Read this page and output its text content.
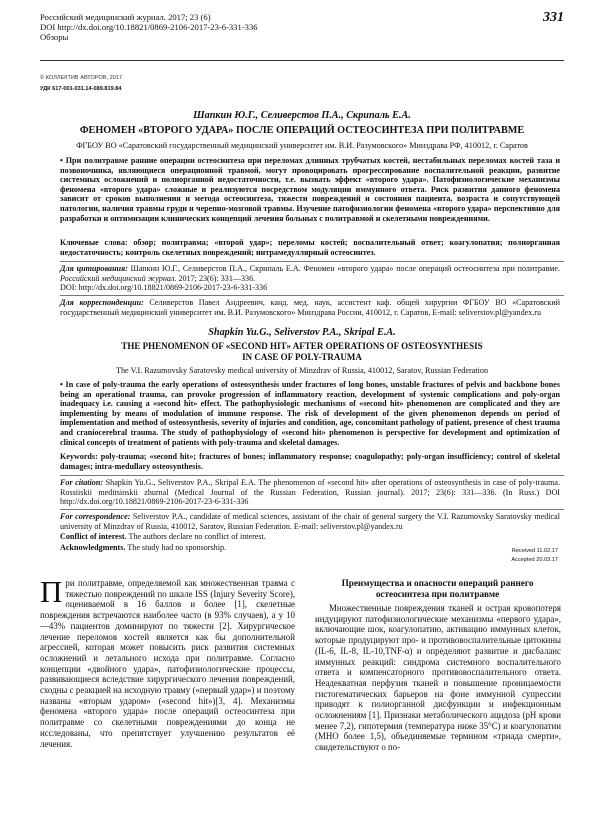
Российский медицинский журнал. 2017; 23 (6)
DOI http://dx.doi.org/10.18821/0869-2106-2017-23-6-331-336
Обзоры
331
© КОЛЛЕКТИВ АВТОРОВ, 2017
УДК 617-001-031.14-089.819.84
Шапкин Ю.Г., Селиверстов П.А., Скрипаль Е.А.
ФЕНОМЕН «ВТОРОГО УДАРА» ПОСЛЕ ОПЕРАЦИЙ ОСТЕОСИНТЕЗА ПРИ ПОЛИТРАВМЕ
ФГБОУ ВО «Саратовский государственный медицинский университет им. В.И. Разумовского» Минздрава РФ, 410012, г. Саратов
• При политравме ранние операции остеосинтеза при переломах длинных трубчатых костей, нестабильных переломах костей таза и позвоночника, являющиеся операционной травмой, могут провоцировать прогрессирование воспалительной реакции, развитие системных осложнений и полиорганной недостаточности, т.е. вызвать эффект «второго удара». Патофизиологические механизмы феномена «второго удара» сложные и реализуются посредством модуляции иммунного ответа. Риск развития данного феномена зависит от сроков выполнения и метода остеосинтеза, тяжести повреждений и состояния пациента, возраста и сопутствующей патологии, наличия травмы груди и черепно-мозговой травмы. Изучение патофизиологии феномена «второго удара» перспективно для разработки и оптимизации клинических концепций лечения больных с политравмой и скелетными повреждениями.
Ключевые слова: обзор; политравма; «второй удар»; переломы костей; воспалительный ответ; коагулопатия; полиорганная недостаточность; контроль скелетных повреждений; интрамедуллярный остеосинтез.
Для цитирования: Шапкин Ю.Г., Селиверстов П.А., Скрипаль Е.А. Феномен «второго удара» после операций остеосинтеза при политравме. Российский медицинский журнал. 2017; 23(6): 331—336.
DOI: http://dx.doi.org/10.18821/0869-2106-2017-23-6-331-336
Для корреспонденции: Селиверстов Павел Андреевич, канд. мед. наук, ассистент каф. общей хирургии ФГБОУ ВО «Саратовский государственный медицинский университет им. В.И. Разумовского» Минздрава России, 410012, г. Саратов, E-mail: seliverstov.pl@yandex.ru
Shapkin Yu.G., Seliverstov P.A., Skripal E.A.
THE PHENOMENON OF «SECOND HIT» AFTER OPERATIONS OF OSTEOSYNTHESIS
IN CASE OF POLY-TRAUMA
The V.I. Razumovsky Saratovsky medical university of Minzdrav of Russia, 410012, Saratov, Russian Federation
• In case of poly-trauma the early operations of osteosynthesis under fractures of long bones, unstable fractures of pelvis and backbone bones being an operational trauma, can provoke progression of inflammatory reaction, development of systemic complications and poly-organ inadequacy i.e. causing a «second hit» effect. The pathophysiologic mechanisms of «second hit» phenomenon are complicated and they are implementing by means of modulation of immune response. The risk of development of the given phenomenon depends on period of implementation and method of osteosynthesis, severity of injuries and condition, age, concomitant pathology of patient, presence of chest trauma and craniocerebral trauma. The study of pathophysiology of «second hit» phenomenon is perspective for development and optimization of clinical concepts of treatment of patients with poly-trauma and skeletal damages.
Keywords: poly-trauma; «second hit»; fractures of bones; inflammatory response; coagulopathy; poly-organ insufficiency; control of skeletal damages; intra-medullary osteosynthesis.
For citation: Shapkin Yu.G., Seliverstov P.A., Skripal E.A. The phenomenon of «second hit» after operations of osteosynthesis in case of poly-trauma. Rossiiskii meditsinskii zhurnal (Medical Journal of the Russian Federation, Russian journal). 2017; 23(6): 331—336. (In Russ.) DOI http://dx.doi.org/10.18821/0869-2106-2017-23-6-331-336
For correspondence: Seliverstov P.A., candidate of medical sciences, assistant of the chair of general surgery the V.I. Razumovsky Saratovsky medical university of Minzdrav of Russia, 410012, Saratov, Russian Federation. E-mail: seliverstov.pl@yandex.ru
Conflict of interest. The authors declare no conflict of interest.
Acknowledgments. The study had no sponsorship.	Received 11.02.17
Accepted 20.03.17

При политравме, определяемой как множественная травма с тяжестью повреждений по шкале ISS (Injury Severity Score), оцениваемой в 16 баллов и более [1], скелетные повреждения встречаются наиболее часто (в 93% случаев), а у 10—43% пациентов доминируют по тяжести [2]. Хирургическое лечение переломов костей является как бы дополнительной агрессией, которая может повысить риск развития системных осложнений и летального исхода при политравме. Согласно концепции «двойного удара», патофизиологические процессы, развивающиеся вследствие хирургического лечения повреждений, сходны с реакцией на исходную травму («первый удар») и поэтому названы «вторым ударом» («second hit»)[3, 4]. Механизмы феномена «второго удара» после операций остеосинтеза при политравме со скелетными повреждениями до конца не исследованы, что препятствует улучшению результатов её лечения.

Преимущества и опасности операций раннего остеосинтеза при политравме

Множественные повреждения тканей и острая кровопотеря индуцируют патофизиологические механизмы «первого удара», включающие шок, коагулопатию, активацию иммунных клеток, которые продуцируют про- и противовоспалительные цитокины (IL-6, IL-8, IL-10,TNF-α) и определяют развитие и дисбаланс иммунных реакций: синдрома системного воспалительного ответа и компенсаторного противовоспалительного ответа. Неадекватная перфузия тканей и повышение проницаемости гистогематических барьеров на фоне иммунной супрессии приводят к полиорганной дисфункции и инфекционным осложнениям [1]. Признаки метаболического ацидоза (pH крови менее 7,2), гипотермия (температура ниже 35°С) и коагулопатии (МНО более 1,5), объединяемые термином «триада смерти», свидетельствуют о по-
